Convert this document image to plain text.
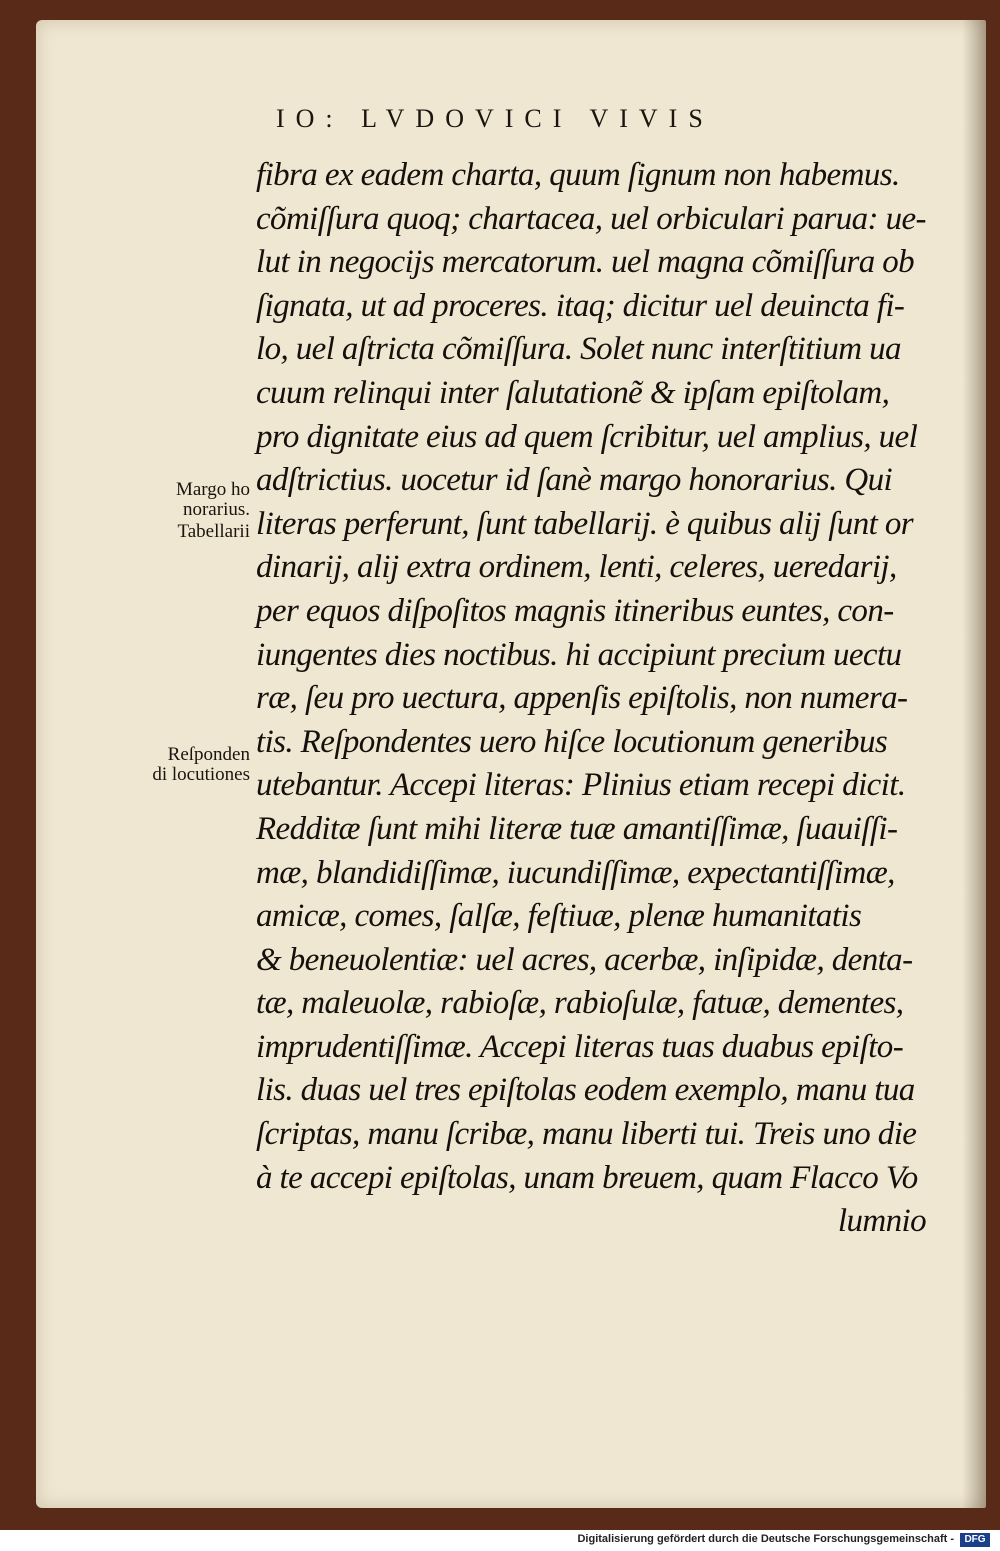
IO: LVDOVICI VIVIS
fibra ex eadem charta, quum ſignum non habemus.
cõmiſſura quoq; chartacea, uel orbiculari parua: ue-
lut in negocijs mercatorum. uel magna cõmiſſura ob
ſignata, ut ad proceres. itaq; dicitur uel deuincta fi-
lo, uel aſtricta cõmiſſura. Solet nunc interſtitium ua
cuum relinqui inter ſalutationẽ & ipſam epiſtolam,
pro dignitate eius ad quem ſcribitur, uel amplius, uel
adſtrictius. uocetur id ſanè margo honorarius. Qui
literas perferunt, ſunt tabellarij. è quibus alij ſunt or
dinarij, alij extra ordinem, lenti, celeres, ueredarij,
per equos diſpoſitos magnis itineribus euntes, con-
iungentes dies noctibus. hi accipiunt precium uectu
ræ, ſeu pro uectura, appenſis epiſtolis, non numera-
tis. Reſpondentes uero hiſce locutionum generibus
utebantur. Accepi literas: Plinius etiam recepi dicit.
Redditæ ſunt mihi literæ tuæ amantiſſimæ, ſuauiſſi-
mæ, blandidiſſimæ, iucundiſſimæ, expectantiſſimæ,
amicæ, comes, ſalſæ, feſtiuæ, plenæ humanitatis
& beneuolentiæ: uel acres, acerbæ, inſipidæ, denta-
tæ, maleuolæ, rabioſæ, rabioſulæ, fatuæ, dementes,
imprudentiſſimæ. Accepi literas tuas duabus epiſto-
lis. duas uel tres epiſtolas eodem exemplo, manu tua
ſcriptas, manu ſcribæ, manu liberti tui. Treis uno die
à te accepi epiſtolas, unam breuem, quam Flacco Vo
lumnio
Margo ho
norarius.
Tabellarii
Reſponden
di locutiones
Digitalisierung gefördert durch die Deutsche Forschungsgemeinschaft -	DFG
